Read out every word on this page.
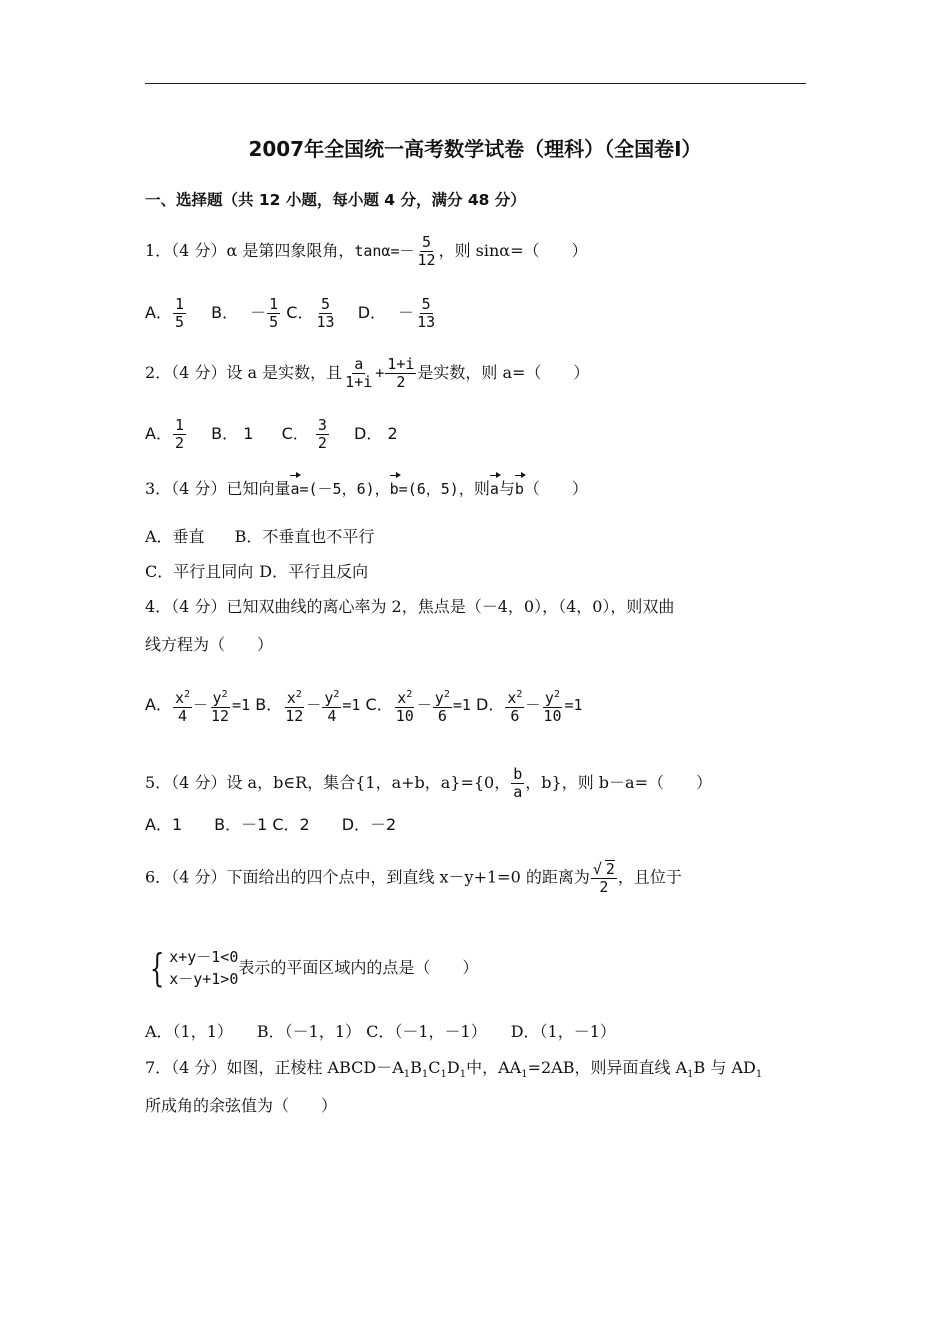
2007年全国统一高考数学试卷（理科）（全国卷Ⅰ）
一、选择题（共 12 小题，每小题 4 分，满分 48 分）
1．（4 分）α 是第四象限角，$\tan\alpha=- \frac{5}{12}$ ，则 sinα=（　　）
A． $\frac{1}{5}$ B． － $\frac{1}{5}$ C． $\frac{5}{13}$ D． － $\frac{5}{13}$
2．（4 分）设 a 是实数，且 $\frac{a}{1+i} + \frac{1+i}{2}$ 是实数，则 a=（　　）
A． $\frac{1}{2}$ B． 1 C． $\frac{3}{2}$ D． 2
3．（4 分）已知向量a=(－5，6)，b=(6，5)，则a与b（　　）
A．垂直 B．不垂直也不平行
C．平行且同向 D．平行且反向
4．（4 分）已知双曲线的离心率为 2，焦点是（－4，0），（4，0），则双曲
线方程为（　　）
A． $\frac{x^2}{4} - \frac{y^2}{12} =1$ B． $\frac{x^2}{12} - \frac{y^2}{4} =1$ C． $\frac{x^2}{10} - \frac{y^2}{6} =1$ D． $\frac{x^2}{6} - \frac{y^2}{10} =1$
5．（4 分）设 a，b∈R，集合{1，a+b，a}={0， $\frac{b}{a}$ ，b}，则 b－a=（　　）
A．1　　B．－1 C．2　　D．－2
6．（4 分）下面给出的四个点中，到直线 x－y+1=0 的距离为 $\frac{√ 2}{2}$ ，且位于
{ x+y－1<0
x－y+1>0
表示的平面区域内的点是（　　）
A．（1，1）　　B．（－1，1） C．（－1，－1）　　D．（1，－1）
7．（4 分）如图，正棱柱 $ABCD-A_1B_1C_1D_1$中，$AA_1=2AB$，则异面直线 $A_1B$ 与 $AD_1$
所成角的余弦值为（　　）
